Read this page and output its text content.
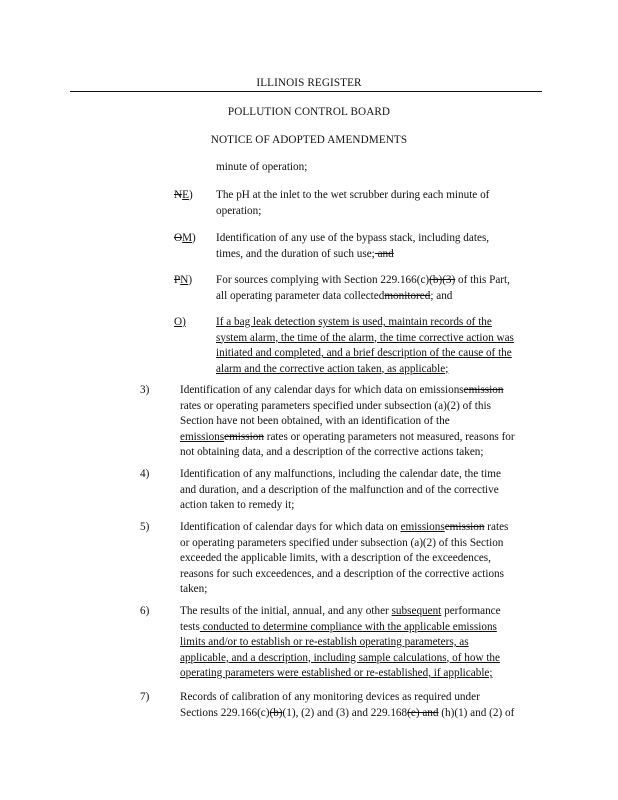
ILLINOIS REGISTER
POLLUTION CONTROL BOARD
NOTICE OF ADOPTED AMENDMENTS
minute of operation;
NE) The pH at the inlet to the wet scrubber during each minute of
operation;
OM) Identification of any use of the bypass stack, including dates,
times, and the duration of such use; and
PN) For sources complying with Section 229.166(c)(b)(3) of this Part,
all operating parameter data collectedmonitored; and
O)	If a bag leak detection system is used, maintain records of the
system alarm, the time of the alarm, the time corrective action was
initiated and completed, and a brief description of the cause of the
alarm and the corrective action taken, as applicable;
3)	Identification of any calendar days for which data on emissionsemission
rates or operating parameters specified under subsection (a)(2) of this
Section have not been obtained, with an identification of the
emissionsemission rates or operating parameters not measured, reasons for
not obtaining data, and a description of the corrective actions taken;
4)	Identification of any malfunctions, including the calendar date, the time
and duration, and a description of the malfunction and of the corrective
action taken to remedy it;
5)	Identification of calendar days for which data on emissionsemission rates
or operating parameters specified under subsection (a)(2) of this Section
exceeded the applicable limits, with a description of the exceedences,
reasons for such exceedences, and a description of the corrective actions
taken;
6)	The results of the initial, annual, and any other subsequent performance
tests conducted to determine compliance with the applicable emissions
limits and/or to establish or re-establish operating parameters, as
applicable, and a description, including sample calculations, of how the
operating parameters were established or re-established, if applicable;
7)	Records of calibration of any monitoring devices as required under
Sections 229.166(c)(b)(1), (2) and (3) and 229.168(e) and (h)(1) and (2) of
